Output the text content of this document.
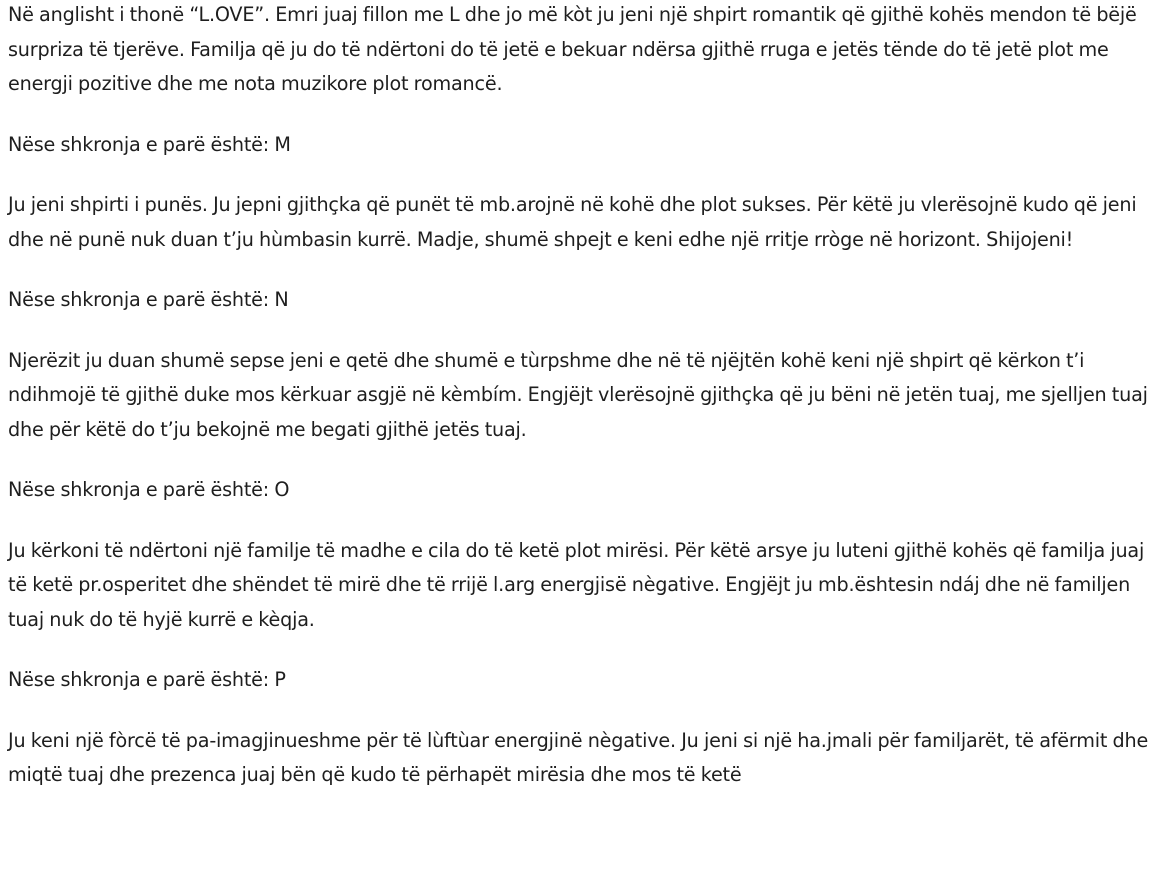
Në anglisht i thonë “L.OVE”. Emri juaj fillon me L dhe jo më kòt ju jeni një shpirt romantik që gjithë kohës mendon të bëjë surpriza të tjerëve. Familja që ju do të ndërtoni do të jetë e bekuar ndërsa gjithë rruga e jetës tënde do të jetë plot me energji pozitive dhe me nota muzikore plot romancë.

Nëse shkronja e parë është: M

Ju jeni shpirti i punës. Ju jepni gjithçka që punët të mb.arojnë në kohë dhe plot sukses. Për këtë ju vlerësojnë kudo që jeni dhe në punë nuk duan t’ju hùmbasin kurrë. Madje, shumë shpejt e keni edhe një rritje rròge në horizont. Shijojeni!

Nëse shkronja e parë është: N

Njerëzit ju duan shumë sepse jeni e qetë dhe shumë e tùrpshme dhe në të njëjtën kohë keni një shpirt që kërkon t’i ndihmojë të gjithë duke mos kërkuar asgjë në kèmbím. Engjëjt vlerësojnë gjithçka që ju bëni në jetën tuaj, me sjelljen tuaj dhe për këtë do t’ju bekojnë me begati gjithë jetës tuaj.

Nëse shkronja e parë është: O

Ju kërkoni të ndërtoni një familje të madhe e cila do të ketë plot mirësi. Për këtë arsye ju luteni gjithë kohës që familja juaj të ketë pr.osperitet dhe shëndet të mirë dhe të rrijë l.arg energjisë nègative. Engjëjt ju mb.ështesin ndáj dhe në familjen tuaj nuk do të hyjë kurrë e kèqja.

Nëse shkronja e parë është: P

Ju keni një fòrcë të pa-imagjinueshme për të lùftùar energjinë nègative. Ju jeni si një ha.jmali për familjarët, të afërmit dhe miqtë tuaj dhe prezenca juaj bën që kudo të përhapët mirësia dhe mos të ketë
